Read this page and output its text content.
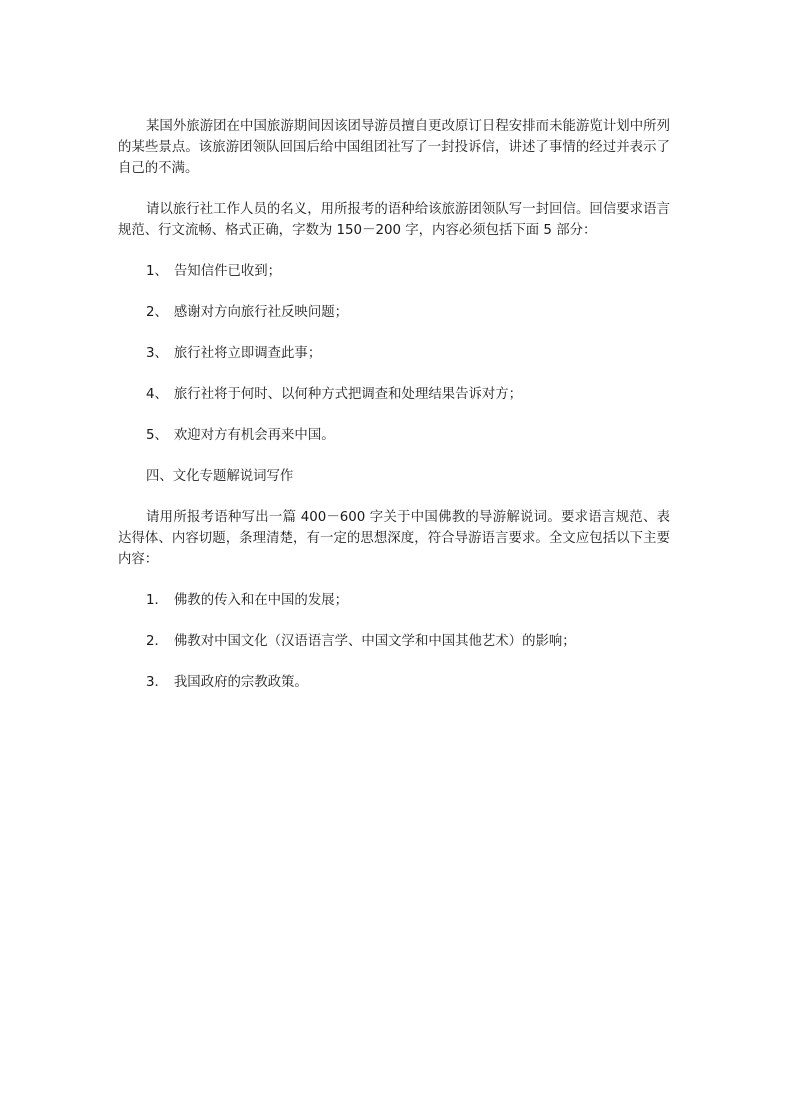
某国外旅游团在中国旅游期间因该团导游员擅自更改原订日程安排而未能游览计划中所列的某些景点。该旅游团领队回国后给中国组团社写了一封投诉信，讲述了事情的经过并表示了自己的不满。

请以旅行社工作人员的名义，用所报考的语种给该旅游团领队写一封回信。回信要求语言规范、行文流畅、格式正确，字数为 150－200 字，内容必须包括下面 5 部分：

1、 告知信件已收到；
2、 感谢对方向旅行社反映问题；
3、 旅行社将立即调查此事；
4、 旅行社将于何时、以何种方式把调查和处理结果告诉对方；
5、 欢迎对方有机会再来中国。
四、文化专题解说词写作

请用所报考语种写出一篇 400－600 字关于中国佛教的导游解说词。要求语言规范、表达得体、内容切题，条理清楚，有一定的思想深度，符合导游语言要求。全文应包括以下主要内容：

1． 佛教的传入和在中国的发展；
2． 佛教对中国文化（汉语语言学、中国文学和中国其他艺术）的影响；
3． 我国政府的宗教政策。
